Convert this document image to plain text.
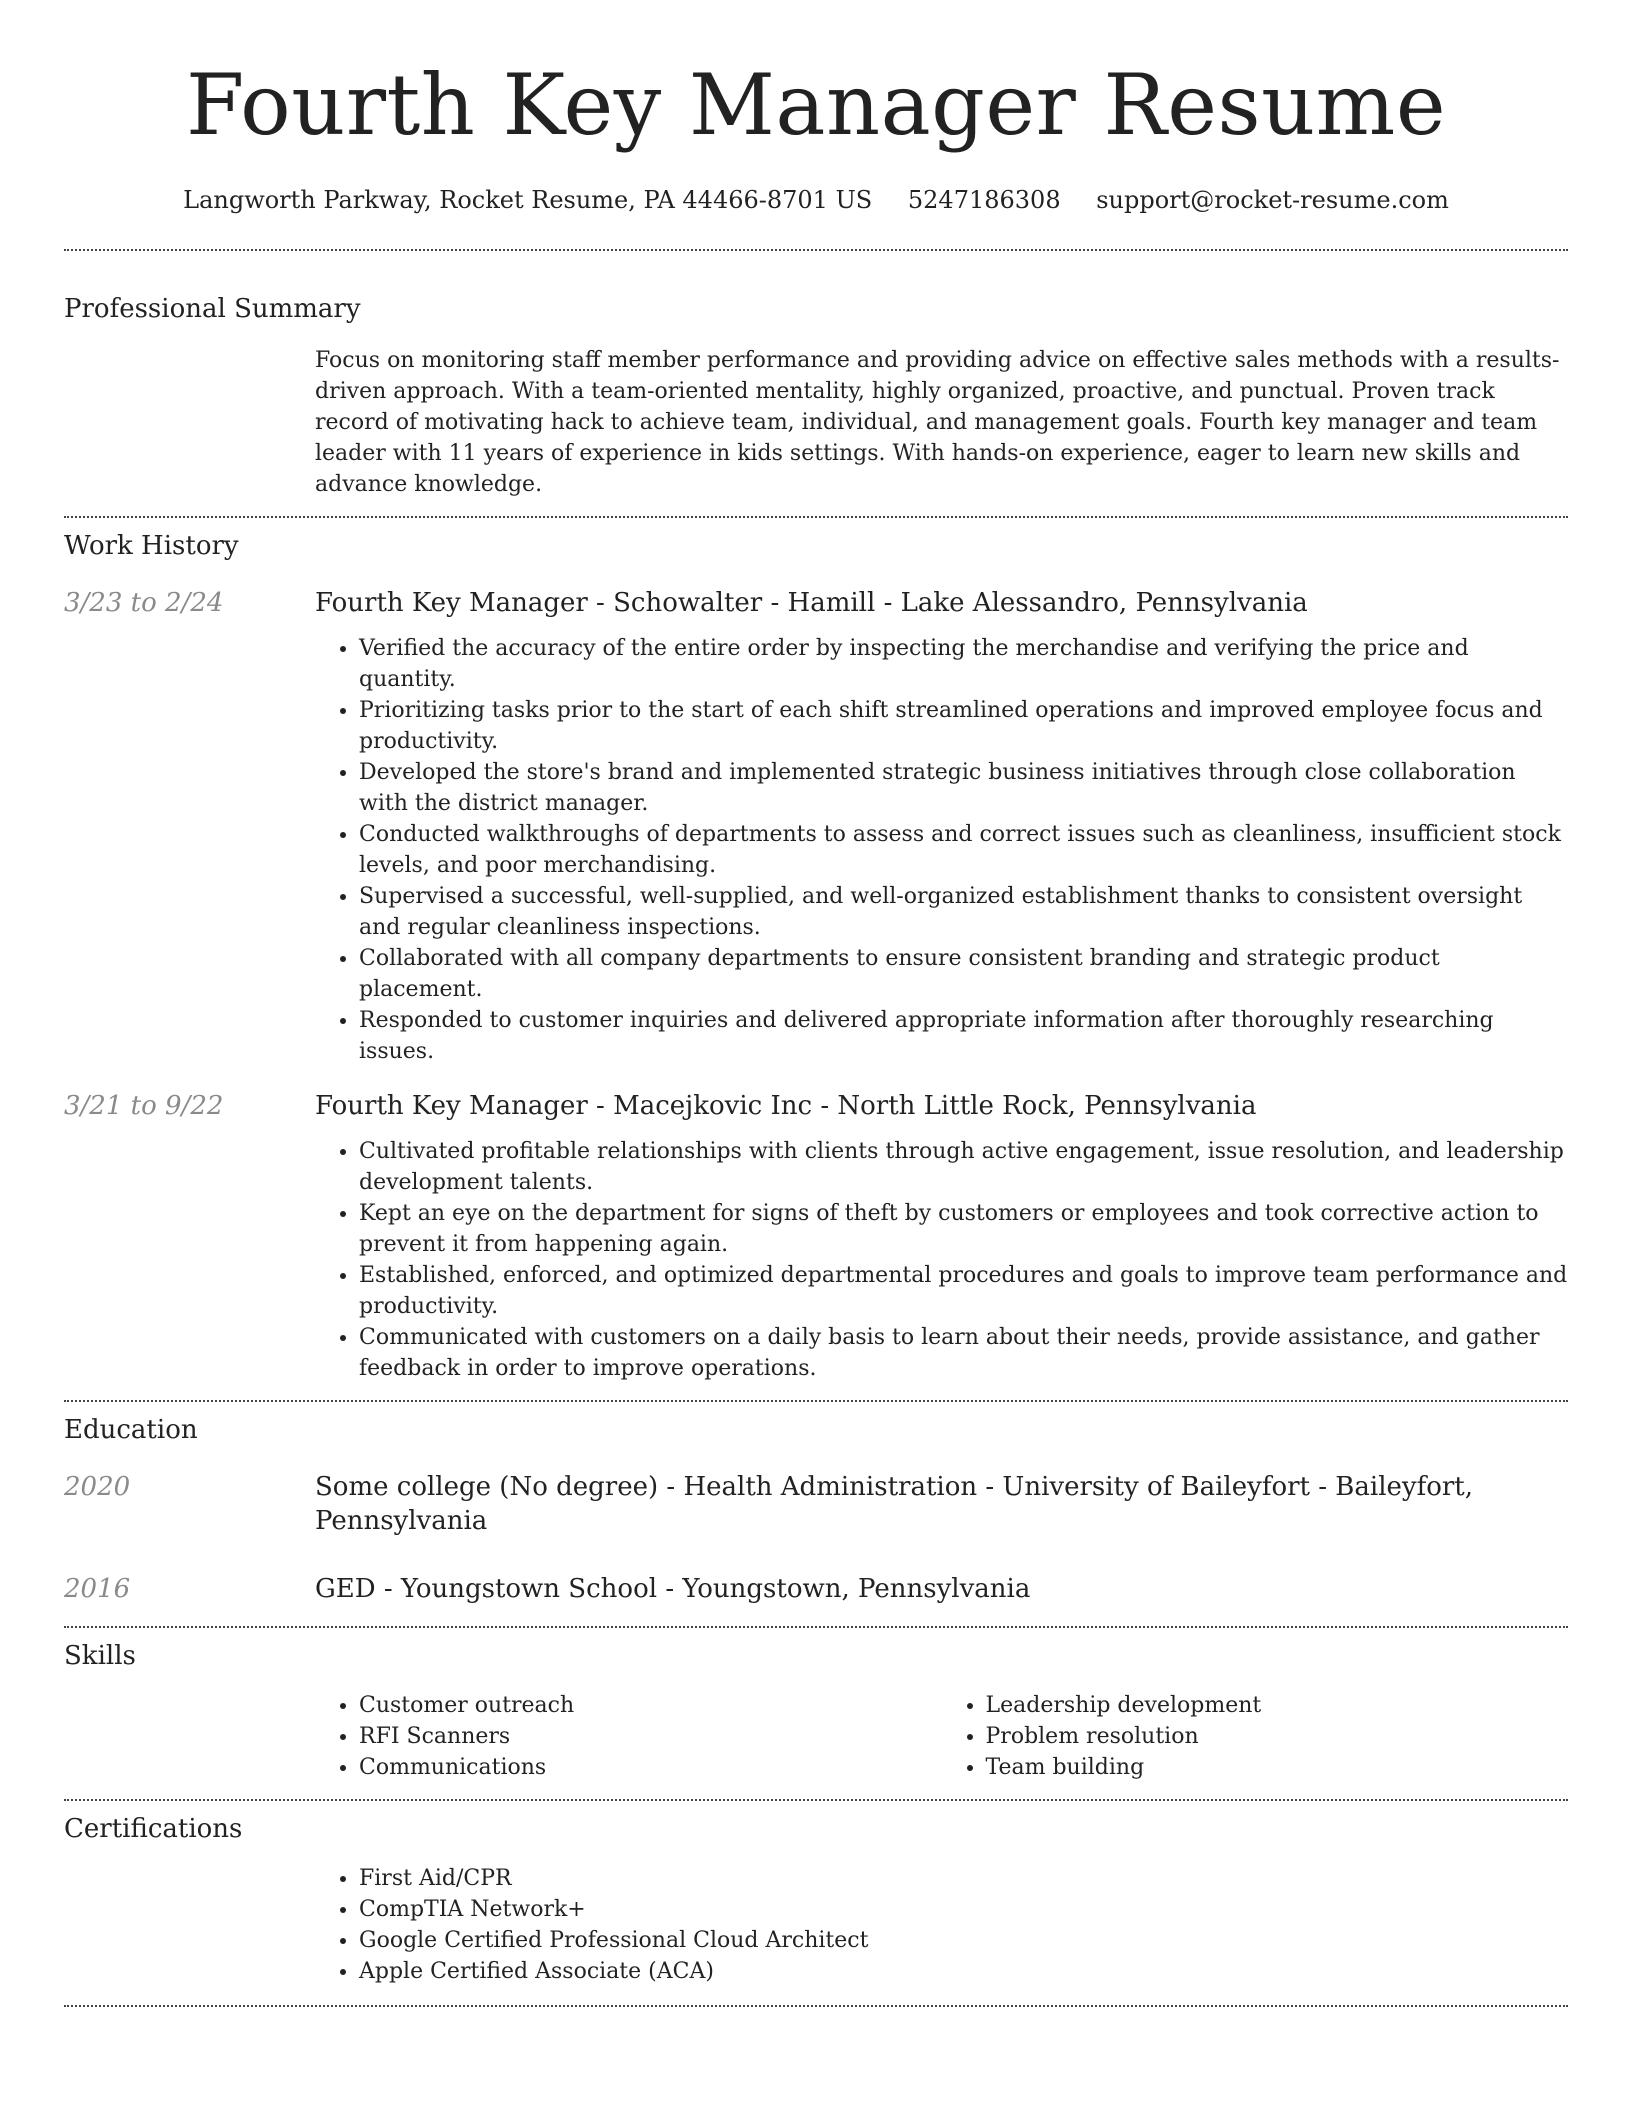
Fourth Key Manager Resume
Langworth Parkway, Rocket Resume, PA 44466-8701 US 5247186308 support@rocket-resume.com
Professional Summary

Focus on monitoring staff member performance and providing advice on effective sales methods with a results-driven approach. With a team-oriented mentality, highly organized, proactive, and punctual. Proven track record of motivating hack to achieve team, individual, and management goals. Fourth key manager and team leader with 11 years of experience in kids settings. With hands-on experience, eager to learn new skills and advance knowledge.

Work History
3/23 to 2/24	Fourth Key Manager - Schowalter - Hamill - Lake Alessandro, Pennsylvania
• Verified the accuracy of the entire order by inspecting the merchandise and verifying the price and quantity.
• Prioritizing tasks prior to the start of each shift streamlined operations and improved employee focus and productivity.
• Developed the store's brand and implemented strategic business initiatives through close collaboration with the district manager.
• Conducted walkthroughs of departments to assess and correct issues such as cleanliness, insufficient stock levels, and poor merchandising.
• Supervised a successful, well-supplied, and well-organized establishment thanks to consistent oversight and regular cleanliness inspections.
• Collaborated with all company departments to ensure consistent branding and strategic product placement.
• Responded to customer inquiries and delivered appropriate information after thoroughly researching issues.
3/21 to 9/22	Fourth Key Manager - Macejkovic Inc - North Little Rock, Pennsylvania
• Cultivated profitable relationships with clients through active engagement, issue resolution, and leadership development talents.
• Kept an eye on the department for signs of theft by customers or employees and took corrective action to prevent it from happening again.
• Established, enforced, and optimized departmental procedures and goals to improve team performance and productivity.
• Communicated with customers on a daily basis to learn about their needs, provide assistance, and gather feedback in order to improve operations.
Education
2020	Some college (No degree) - Health Administration - University of Baileyfort - Baileyfort, Pennsylvania
2016	GED - Youngstown School - Youngstown, Pennsylvania
Skills
• Customer outreach
• RFI Scanners
• Communications
• Leadership development
• Problem resolution
• Team building
Certifications
• First Aid/CPR
• CompTIA Network+
• Google Certified Professional Cloud Architect
• Apple Certified Associate (ACA)
